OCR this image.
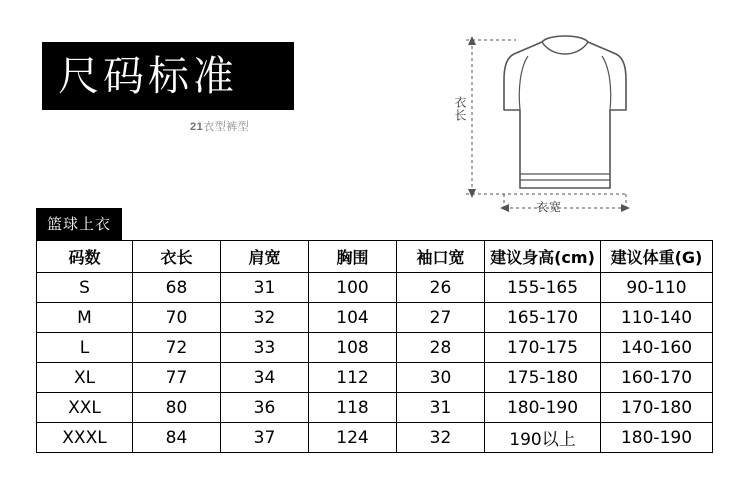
尺码标准
21衣型裤型
衣长
衣宽
篮球上衣
码数	衣长	肩宽	胸围	袖口宽	建议身高(cm)	建议体重(G)
S	68	31	100	26	155-165	90-110
M	70	32	104	27	165-170	110-140
L	72	33	108	28	170-175	140-160
XL	77	34	112	30	175-180	160-170
XXL	80	36	118	31	180-190	170-180
XXXL	84	37	124	32	190以上	180-190
